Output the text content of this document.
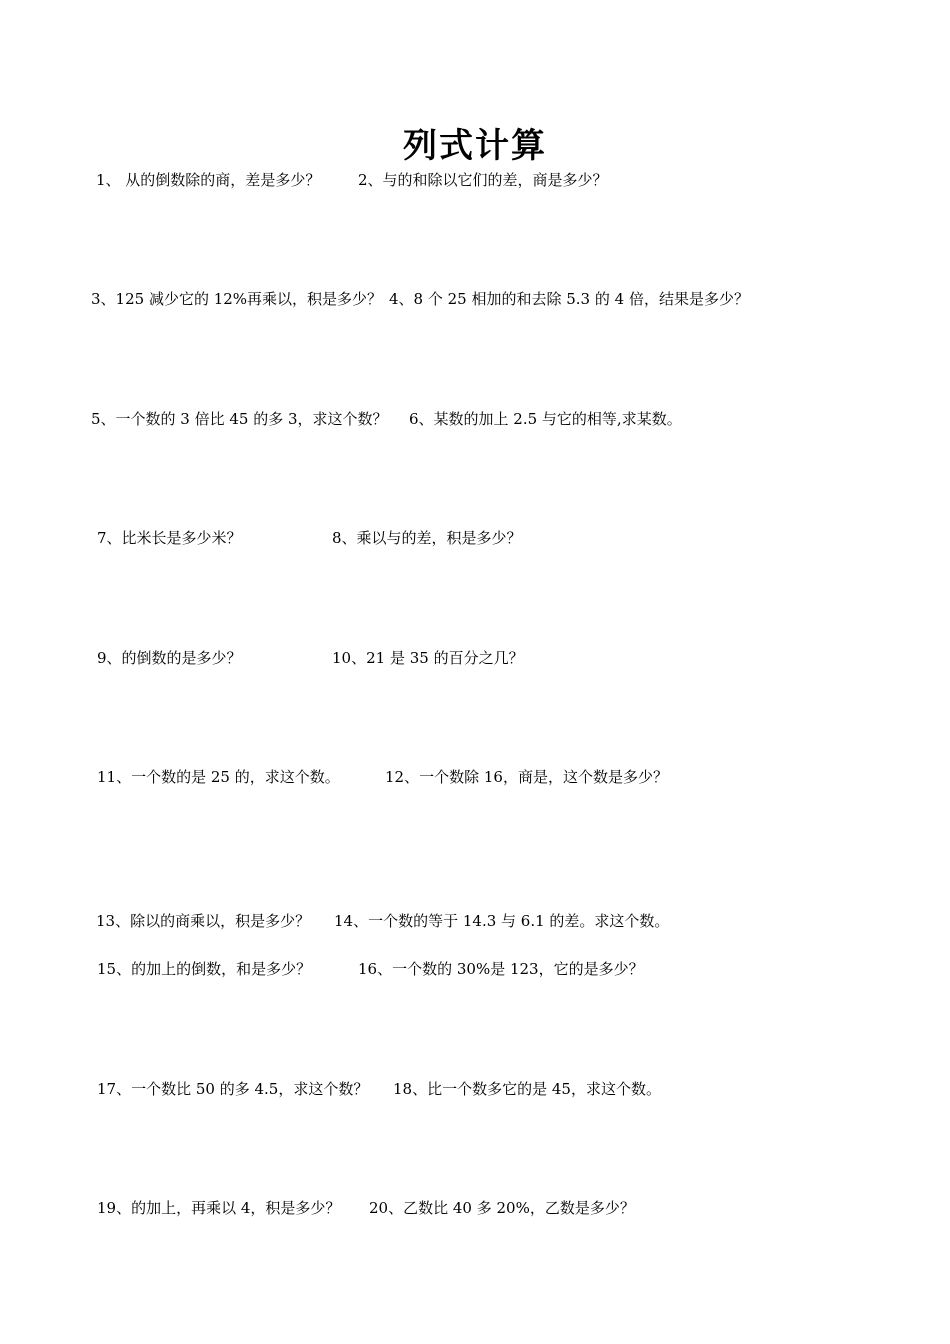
列式计算
1、 从的倒数除的商，差是多少？	2、与的和除以它们的差，商是多少？
3、125 减少它的 12%再乘以，积是多少？ 4、8 个 25 相加的和去除 5.3 的 4 倍，结果是多少？
5、一个数的 3 倍比 45 的多 3，求这个数？ 6、某数的加上 2.5 与它的相等,求某数。
7、比米长是多少米？	8、乘以与的差，积是多少？
9、的倒数的是多少？	10、21 是 35 的百分之几？
11、一个数的是 25 的，求这个数。	12、一个数除 16，商是，这个数是多少？
13、除以的商乘以，积是多少？ 14、一个数的等于 14.3 与 6.1 的差。求这个数。
15、的加上的倒数，和是多少？	16、一个数的 30%是 123，它的是多少？
17、一个数比 50 的多 4.5，求这个数？ 18、比一个数多它的是 45，求这个数。
19、的加上，再乘以 4，积是多少？ 20、乙数比 40 多 20%，乙数是多少？
